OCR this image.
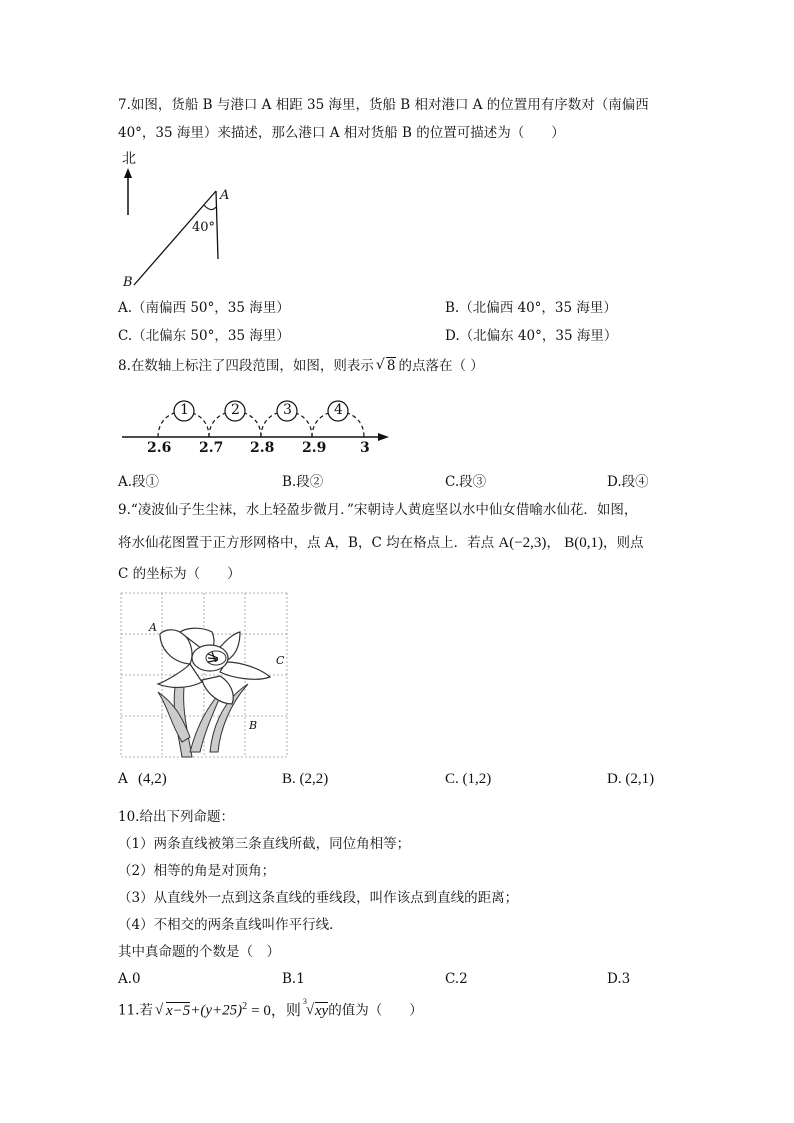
7.如图，货船 B 与港口 A 相距 35 海里，货船 B 相对港口 A 的位置用有序数对（南偏西
40°，35 海里）来描述，那么港口 A 相对货船 B 的位置可描述为（　　）
北
A
40°
B
A.（南偏西 50°，35 海里）	B.（北偏西 40°，35 海里）
C.（北偏东 50°，35 海里）	D.（北偏东 40°，35 海里）
8.在数轴上标注了四段范围，如图，则表示 √ 8 的点落在（ ）
1	2	3	4
2.6 2.7 2.8 2.9 3
A.段①	B.段②	C.段③	D.段④
9.“凌波仙子生尘袜，水上轻盈步微月．”宋朝诗人黄庭坚以水中仙女借喻水仙花．如图，
将水仙花图置于正方形网格中，点 A，B，C 均在格点上．若点 A(−2,3)， B(0,1)，则点
C 的坐标为（　　）
A
C
B
A (4,2)	B. (2,2)	C. (1,2)	D. (2,1)
10.给出下列命题：
（1）两条直线被第三条直线所截，同位角相等；
（2）相等的角是对顶角；
（3）从直线外一点到这条直线的垂线段，叫作该点到直线的距离；
（4）不相交的两条直线叫作平行线．
其中真命题的个数是（　）
A.0	B.1	C.2	D.3
11.若 √ $x-5+(y+25)^2 = 0$，则
3
√ xy的值为（　　）
